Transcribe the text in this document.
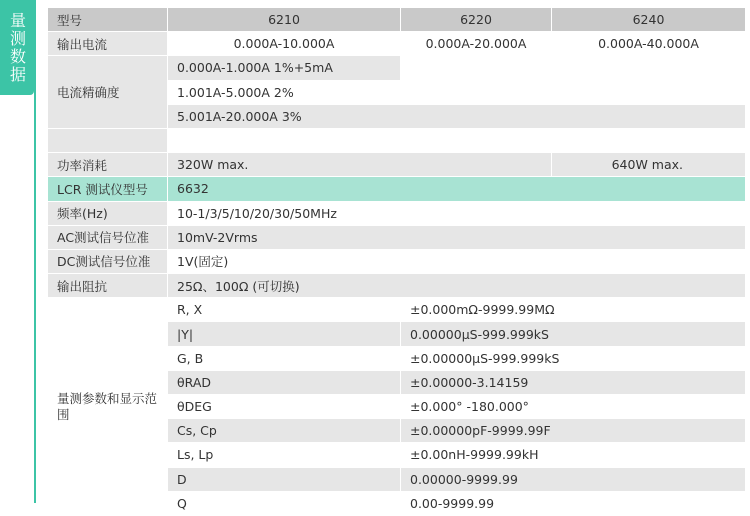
量测数据 型号	6210	6220	6240
输出电流	0.000A-10.000A	0.000A-20.000A	0.000A-40.000A
电流精确度	0.000A-1.000A 1%+5mA		
	1.001A-5.000A 2%		
	5.001A-20.000A 3%		

功率消耗	320W max.		640W max.
LCR 测试仪型号	6632		
频率(Hz)	10-1/3/5/10/20/30/50MHz		
AC测试信号位准	10mV-2Vrms		
DC测试信号位准	1V(固定)		
输出阻抗	25Ω、100Ω (可切换)		
量测参数和显示范围	R, X	±0.000mΩ-9999.99MΩ	
	|Y|	0.00000μS-999.999kS	
	G, B	±0.00000μS-999.999kS	
	θRAD	±0.00000-3.14159	
	θDEG	±0.000° -180.000°	
	Cs, Cp	±0.00000pF-9999.99F	
	Ls, Lp	±0.00nH-9999.99kH	
	D	0.00000-9999.99	
	Q	0.00-9999.99	
